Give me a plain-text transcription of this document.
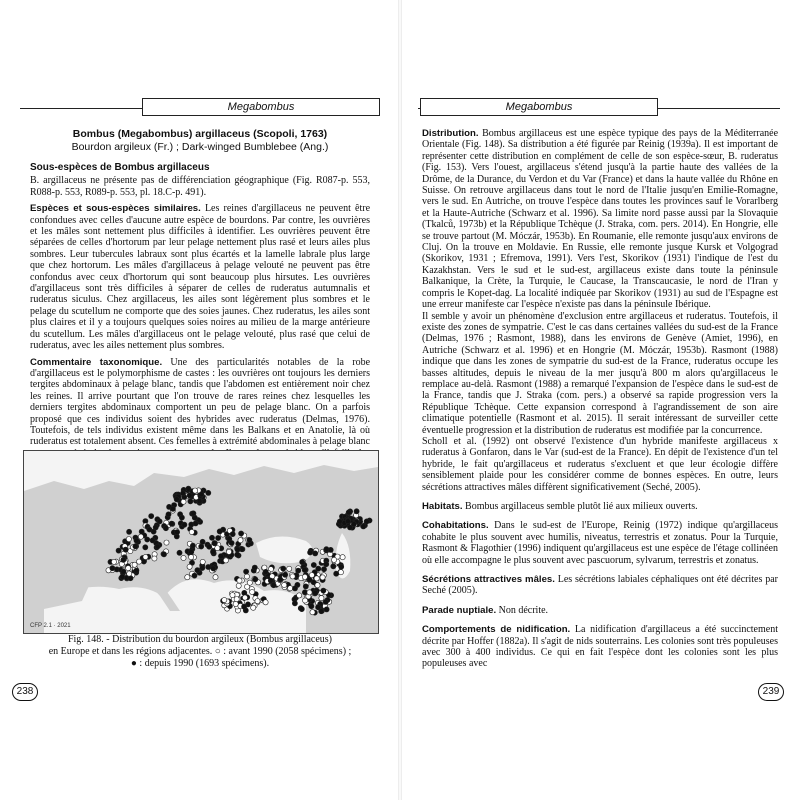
Megabombus
Bombus (Megabombus) argillaceus (Scopoli, 1763)
Bourdon argileux (Fr.) ; Dark-winged Bumblebee (Ang.)
Sous-espèces de Bombus argillaceus

B. argillaceus ne présente pas de différenciation géographique (Fig. R087-p. 553, R088-p. 553, R089-p. 553, pl. 18.C-p. 491).

Espèces et sous-espèces similaires. Les reines d'argillaceus ne peuvent être confondues avec celles d'aucune autre espèce de bourdons. Par contre, les ouvrières et les mâles sont nettement plus difficiles à identifier. Les ouvrières peuvent être séparées de celles d'hortorum par leur pelage nettement plus rasé et leurs ailes plus sombres. Leur tubercules labraux sont plus écartés et la lamelle labrale plus large que chez hortorum. Les mâles d'argillaceus à pelage velouté ne peuvent pas être confondus avec ceux d'hortorum qui sont beaucoup plus hirsutes. Les ouvrières d'argillaceus sont très difficiles à séparer de celles de ruderatus autumnalis et ruderatus siculus. Chez argillaceus, les ailes sont légèrement plus sombres et le pelage du scutellum ne comporte que des soies jaunes. Chez ruderatus, les ailes sont plus claires et il y a toujours quelques soies noires au milieu de la marge antérieure du scutellum. Les mâles d'argillaceus ont le pelage velouté, plus rasé que celui de ruderatus, avec les ailes nettement plus sombres.

Commentaire taxonomique. Une des particularités notables de la robe d'argillaceus est le polymorphisme de castes : les ouvrières ont toujours les derniers tergites abdominaux à pelage blanc, tandis que l'abdomen est entièrement noir chez les reines. Il arrive pourtant que l'on trouve de rares reines chez lesquelles les derniers tergites abdominaux comportent un peu de pelage blanc. On a parfois proposé que ces individus soient des hybrides avec ruderatus (Delmas, 1976). Toutefois, de tels individus existent même dans les Balkans et en Anatolie, là où ruderatus est totalement absent. Ces femelles à extrémité abdominales à pelage blanc

CFP 2.1 · 2021
Fig. 148. - Distribution du bourdon argileux (Bombus argillaceus)
en Europe et dans les régions adjacentes. ○ : avant 1990 (2058 spécimens) ;
● : depuis 1990 (1693 spécimens).
238
Megabombus

Distribution. Bombus argillaceus est une espèce typique des pays de la Méditerranée Orientale (Fig. 148). Sa distribution a été figurée par Reinig (1939a). Il est important de représenter cette distribution en complément de celle de son espèce-sœur, B. ruderatus (Fig. 153). Vers l'ouest, argillaceus s'étend jusqu'à la partie haute des vallées de la Drôme, de la Durance, du Verdon et du Var (France) et dans la haute vallée du Rhône en Suisse. On retrouve argillaceus dans tout le nord de l'Italie jusqu'en Emilie-Romagne, vers le sud. En Autriche, on trouve l'espèce dans toutes les provinces sauf le Vorarlberg et la Haute-Autriche (Schwarz et al. 1996). Sa limite nord passe aussi par la Slovaquie (Tkalců, 1973b) et la République Tchèque (J. Straka, com. pers. 2014). En Hongrie, elle se trouve partout (M. Móczár, 1953b). En Roumanie, elle remonte jusqu'aux environs de Cluj. On la trouve en Moldavie. En Russie, elle remonte jusque Kursk et Volgograd (Skorikov, 1931 ; Efremova, 1991). Vers l'est, Skorikov (1931) l'indique de l'est du Kazakhstan. Vers le sud et le sud-est, argillaceus existe dans toute la péninsule Balkanique, la Crète, la Turquie, le Caucase, la Transcaucasie, le nord de l'Iran y compris le Kopet-dag. La localité indiquée par Skorikov (1931) au sud de l'Espagne est une erreur manifeste car l'espèce n'existe pas dans la péninsule Ibérique.

Il semble y avoir un phénomène d'exclusion entre argillaceus et ruderatus. Toutefois, il existe des zones de sympatrie. C'est le cas dans certaines vallées du sud-est de la France (Delmas, 1976 ; Rasmont, 1988), dans les environs de Genève (Amiet, 1996), en Autriche (Schwarz et al. 1996) et en Hongrie (M. Móczár, 1953b). Rasmont (1988) indique que dans les zones de sympatrie du sud-est de la France, ruderatus occupe les basses altitudes, depuis le niveau de la mer jusqu'à 800 m alors qu'argillaceus le remplace au-delà. Rasmont (1988) a remarqué l'expansion de l'espèce dans le sud-est de la France, tandis que J. Straka (com. pers.) a observé sa rapide progression vers la République Tchèque. Cette expansion correspond à l'agrandissement de son aire climatique potentielle (Rasmont et al. 2015). Il serait intéressant de surveiller cette éventuelle progression et la distribution de ruderatus est modifiée par la concurrence.

Scholl et al. (1992) ont observé l'existence d'un hybride manifeste argillaceus x ruderatus à Gonfaron, dans le Var (sud-est de la France). En dépit de l'existence d'un tel hybride, le fait qu'argillaceus et ruderatus s'excluent et que leur écologie diffère sensiblement plaide pour les considérer comme de bonnes espèces. En outre, leurs sécrétions attractives mâles diffèrent significativement (Seché, 2005).

Habitats. Bombus argillaceus semble plutôt lié aux milieux ouverts.

Cohabitations. Dans le sud-est de l'Europe, Reinig (1972) indique qu'argillaceus cohabite le plus souvent avec humilis, niveatus, terrestris et zonatus. Pour la Turquie, Rasmont & Flagothier (1996) indiquent qu'argillaceus est une espèce de l'étage collinéen où elle accompagne le plus souvent avec pascuorum, sylvarum, terrestris et zonatus.

Sécrétions attractives mâles. Les sécrétions labiales céphaliques ont été décrites par Seché (2005).

Parade nuptiale. Non décrite.

Comportements de nidification. La nidification d'argillaceus a été succinctement décrite par Hoffer (1882a). Il s'agit de nids souterrains. Les colonies sont très populeuses avec 300 à 400 individus. Ce qui en fait l'espèce dont les colonies sont les plus populeuses avec

239
